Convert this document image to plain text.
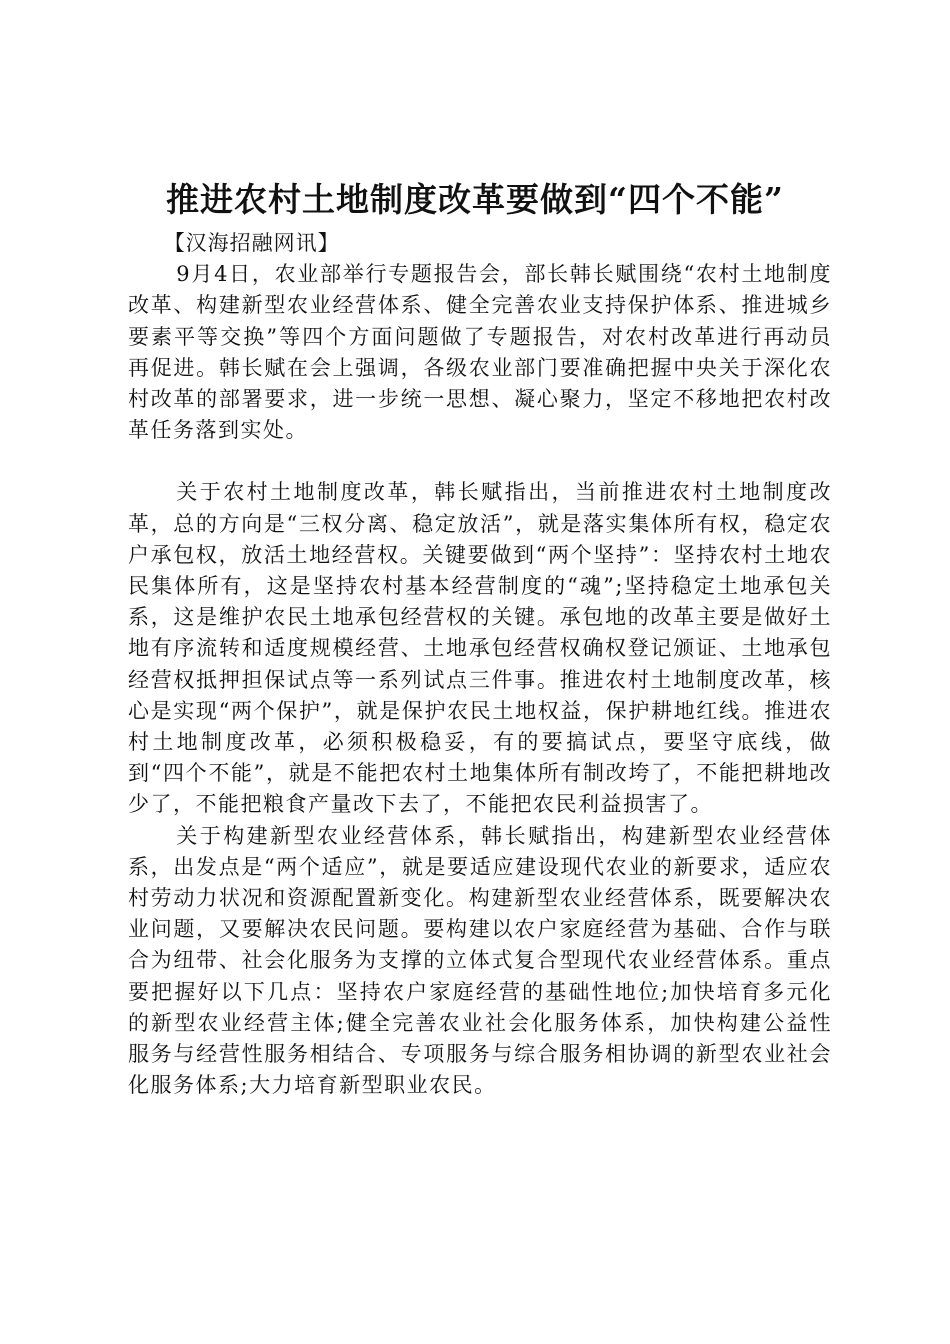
推进农村土地制度改革要做到“四个不能”

【汉海招融网讯】

9月4日，农业部举行专题报告会，部长韩长赋围绕“农村土地制度改革、构建新型农业经营体系、健全完善农业支持保护体系、推进城乡要素平等交换”等四个方面问题做了专题报告，对农村改革进行再动员再促进。韩长赋在会上强调，各级农业部门要准确把握中央关于深化农村改革的部署要求，进一步统一思想、凝心聚力，坚定不移地把农村改革任务落到实处。

关于农村土地制度改革，韩长赋指出，当前推进农村土地制度改革，总的方向是“三权分离、稳定放活”，就是落实集体所有权，稳定农户承包权，放活土地经营权。关键要做到“两个坚持”：坚持农村土地农民集体所有，这是坚持农村基本经营制度的“魂”;坚持稳定土地承包关系，这是维护农民土地承包经营权的关键。承包地的改革主要是做好土地有序流转和适度规模经营、土地承包经营权确权登记颁证、土地承包经营权抵押担保试点等一系列试点三件事。推进农村土地制度改革，核心是实现“两个保护”，就是保护农民土地权益，保护耕地红线。推进农村土地制度改革，必须积极稳妥，有的要搞试点，要坚守底线，做到“四个不能”，就是不能把农村土地集体所有制改垮了，不能把耕地改少了，不能把粮食产量改下去了，不能把农民利益损害了。

关于构建新型农业经营体系，韩长赋指出，构建新型农业经营体系，出发点是“两个适应”，就是要适应建设现代农业的新要求，适应农村劳动力状况和资源配置新变化。构建新型农业经营体系，既要解决农业问题，又要解决农民问题。要构建以农户家庭经营为基础、合作与联合为纽带、社会化服务为支撑的立体式复合型现代农业经营体系。重点要把握好以下几点：坚持农户家庭经营的基础性地位;加快培育多元化的新型农业经营主体;健全完善农业社会化服务体系，加快构建公益性服务与经营性服务相结合、专项服务与综合服务相协调的新型农业社会化服务体系;大力培育新型职业农民。
